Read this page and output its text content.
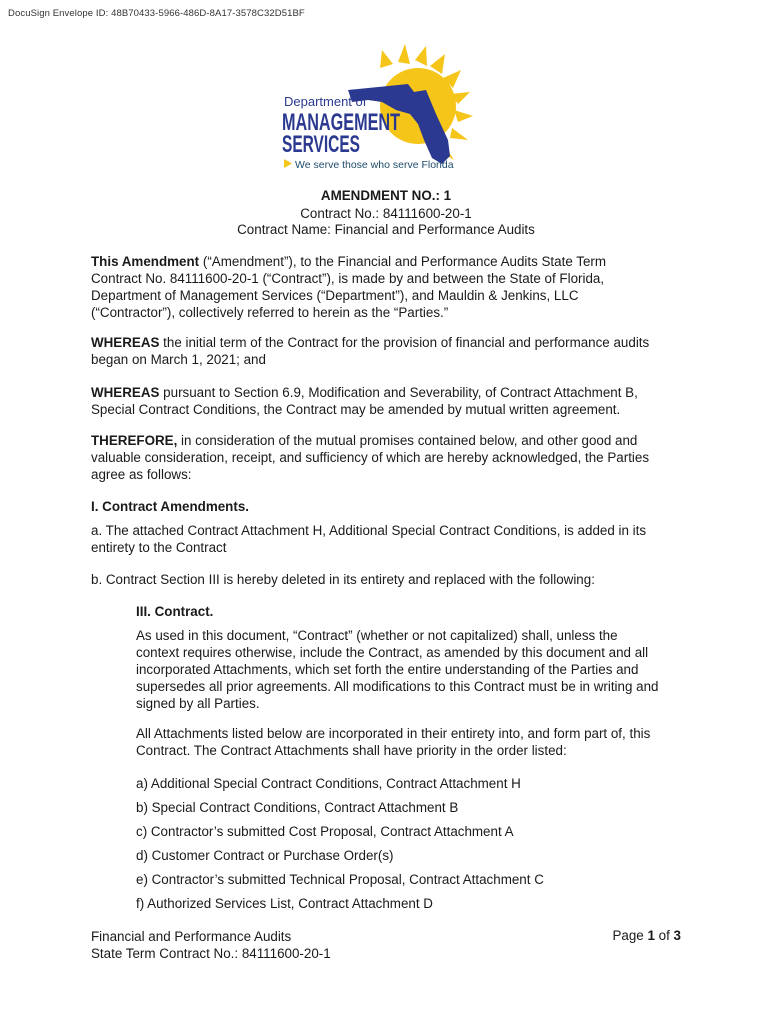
DocuSign Envelope ID: 48B70433-5966-486D-8A17-3578C32D51BF
Department of
MANAGEMENT
SERVICES
We serve those who serve Florida
AMENDMENT NO.: 1
Contract No.: 84111600-20-1
Contract Name: Financial and Performance Audits

This Amendment (“Amendment”), to the Financial and Performance Audits State Term

Contract No. 84111600-20-1 (“Contract”), is made by and between the State of Florida,

Department of Management Services (“Department”), and Mauldin & Jenkins, LLC

(“Contractor”), collectively referred to herein as the “Parties.”

WHEREAS the initial term of the Contract for the provision of financial and performance audits

began on March 1, 2021; and

WHEREAS pursuant to Section 6.9, Modification and Severability, of Contract Attachment B,

Special Contract Conditions, the Contract may be amended by mutual written agreement.

THEREFORE, in consideration of the mutual promises contained below, and other good and

valuable consideration, receipt, and sufficiency of which are hereby acknowledged, the Parties

agree as follows:

I. Contract Amendments.

a. The attached Contract Attachment H, Additional Special Contract Conditions, is added in its

entirety to the Contract

b. Contract Section III is hereby deleted in its entirety and replaced with the following:
III. Contract.

As used in this document, “Contract” (whether or not capitalized) shall, unless the

context requires otherwise, include the Contract, as amended by this document and all

incorporated Attachments, which set forth the entire understanding of the Parties and

supersedes all prior agreements. All modifications to this Contract must be in writing and

signed by all Parties.

All Attachments listed below are incorporated in their entirety into, and form part of, this

Contract. The Contract Attachments shall have priority in the order listed:

a) Additional Special Contract Conditions, Contract Attachment H
b) Special Contract Conditions, Contract Attachment B
c) Contractor’s submitted Cost Proposal, Contract Attachment A
d) Customer Contract or Purchase Order(s)
e) Contractor’s submitted Technical Proposal, Contract Attachment C
f) Authorized Services List, Contract Attachment D

Financial and Performance Audits

State Term Contract No.: 84111600-20-1

Page 1 of 3
